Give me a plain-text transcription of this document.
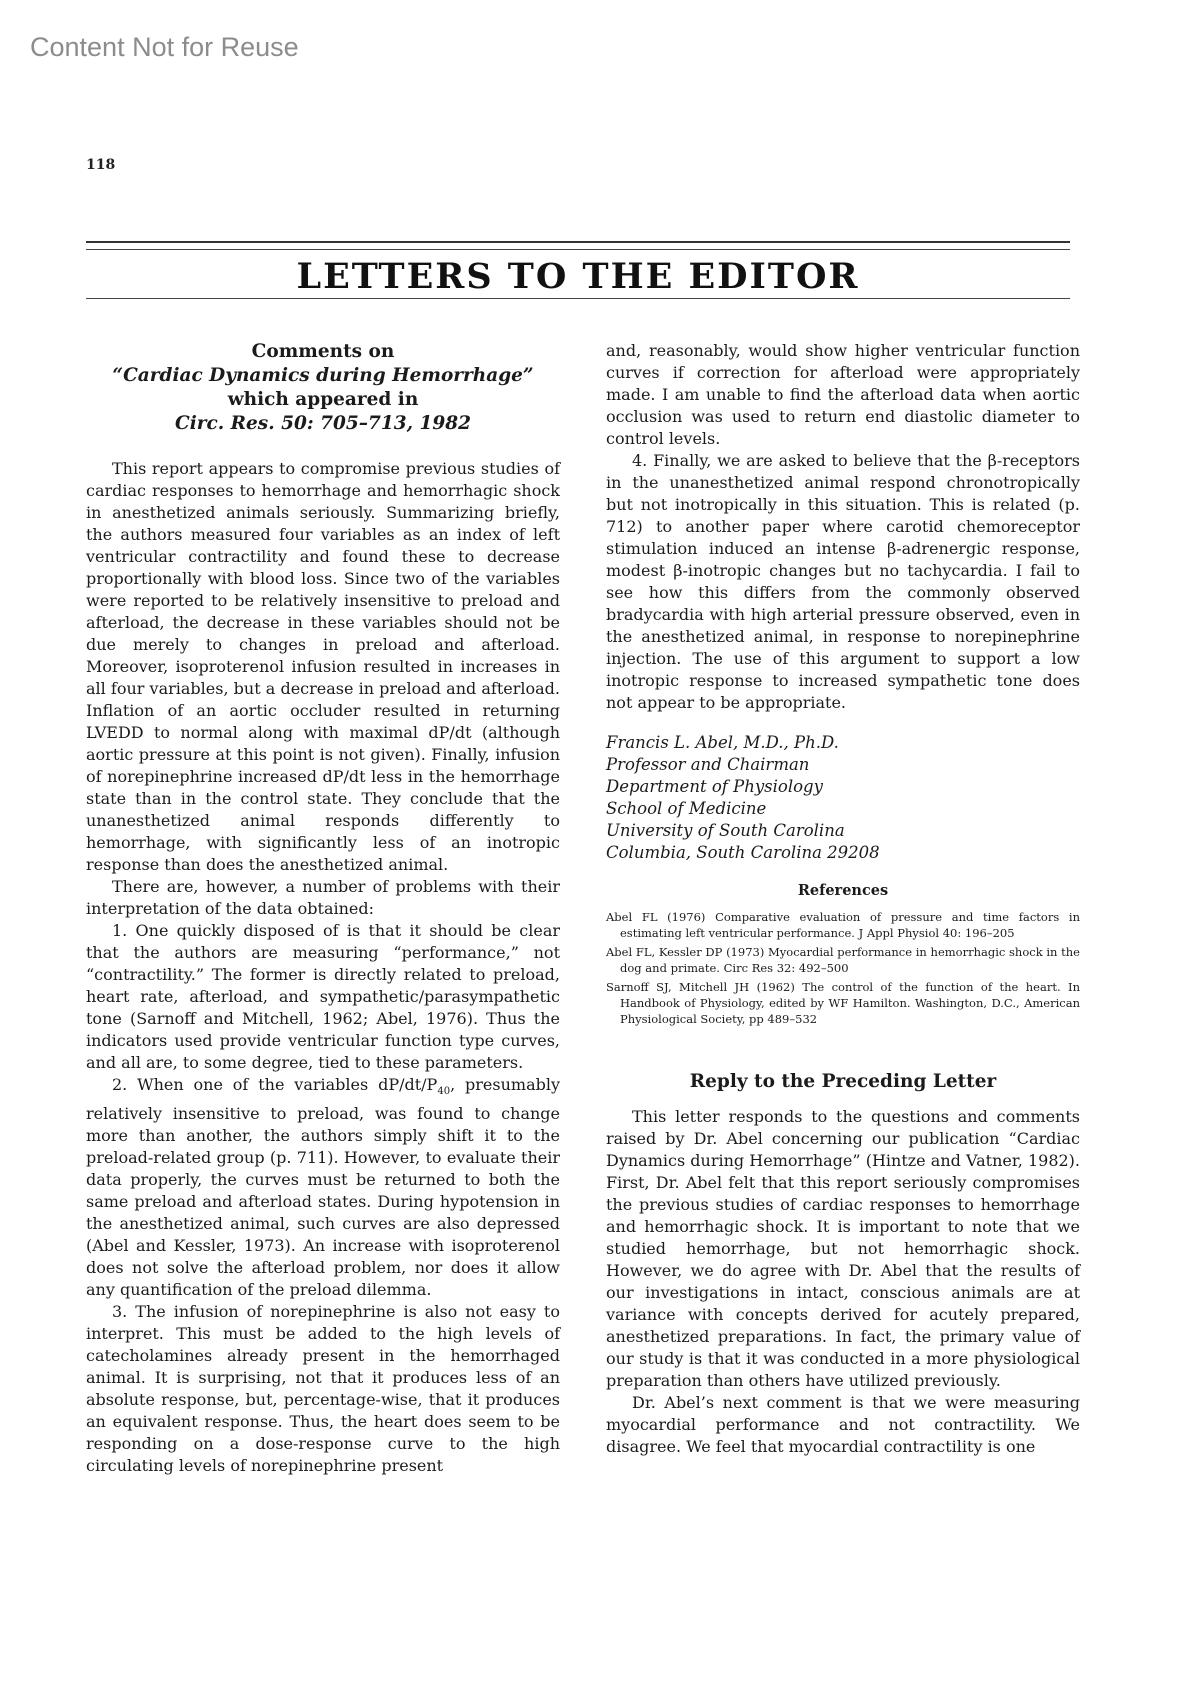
Content Not for Reuse
118
LETTERS TO THE EDITOR
Comments on
“Cardiac Dynamics during Hemorrhage”
which appeared in
Circ. Res. 50: 705–713, 1982

This report appears to compromise previous studies of cardiac responses to hemorrhage and hemorrhagic shock in anesthetized animals seriously. Summarizing briefly, the authors measured four variables as an index of left ventricular contractility and found these to decrease proportionally with blood loss. Since two of the variables were reported to be relatively insensitive to preload and afterload, the decrease in these variables should not be due merely to changes in preload and afterload. Moreover, isoproterenol infusion resulted in increases in all four variables, but a decrease in preload and afterload. Inflation of an aortic occluder resulted in returning LVEDD to normal along with maximal dP/dt (although aortic pressure at this point is not given). Finally, infusion of norepinephrine increased dP/dt less in the hemorrhage state than in the control state. They conclude that the unanesthetized animal responds differently to hemorrhage, with significantly less of an inotropic response than does the anesthetized animal.

There are, however, a number of problems with their interpretation of the data obtained:

1. One quickly disposed of is that it should be clear that the authors are measuring “performance,” not “contractility.” The former is directly related to preload, heart rate, afterload, and sympathetic/parasympathetic tone (Sarnoff and Mitchell, 1962; Abel, 1976). Thus the indicators used provide ventricular function type curves, and all are, to some degree, tied to these parameters.

2. When one of the variables $dP/dt/P_{40}$, presumably relatively insensitive to preload, was found to change more than another, the authors simply shift it to the preload-related group (p. 711). However, to evaluate their data properly, the curves must be returned to both the same preload and afterload states. During hypotension in the anesthetized animal, such curves are also depressed (Abel and Kessler, 1973). An increase with isoproterenol does not solve the afterload problem, nor does it allow any quantification of the preload dilemma.

3. The infusion of norepinephrine is also not easy to interpret. This must be added to the high levels of catecholamines already present in the hemorrhaged animal. It is surprising, not that it produces less of an absolute response, but, percentage-wise, that it produces an equivalent response. Thus, the heart does seem to be responding on a dose-response curve to the high circulating levels of norepinephrine present

and, reasonably, would show higher ventricular function curves if correction for afterload were appropriately made. I am unable to find the afterload data when aortic occlusion was used to return end diastolic diameter to control levels.

4. Finally, we are asked to believe that the β-receptors in the unanesthetized animal respond chronotropically but not inotropically in this situation. This is related (p. 712) to another paper where carotid chemoreceptor stimulation induced an intense β-adrenergic response, modest β-inotropic changes but no tachycardia. I fail to see how this differs from the commonly observed bradycardia with high arterial pressure observed, even in the anesthetized animal, in response to norepinephrine injection. The use of this argument to support a low inotropic response to increased sympathetic tone does not appear to be appropriate.

Francis L. Abel, M.D., Ph.D.
Professor and Chairman
Department of Physiology
School of Medicine
University of South Carolina
Columbia, South Carolina 29208
References

Abel FL (1976) Comparative evaluation of pressure and time factors in estimating left ventricular performance. J Appl Physiol 40: 196–205

Abel FL, Kessler DP (1973) Myocardial performance in hemorrhagic shock in the dog and primate. Circ Res 32: 492–500

Sarnoff SJ, Mitchell JH (1962) The control of the function of the heart. In Handbook of Physiology, edited by WF Hamilton. Washington, D.C., American Physiological Society, pp 489–532

Reply to the Preceding Letter

This letter responds to the questions and comments raised by Dr. Abel concerning our publication “Cardiac Dynamics during Hemorrhage” (Hintze and Vatner, 1982). First, Dr. Abel felt that this report seriously compromises the previous studies of cardiac responses to hemorrhage and hemorrhagic shock. It is important to note that we studied hemorrhage, but not hemorrhagic shock. However, we do agree with Dr. Abel that the results of our investigations in intact, conscious animals are at variance with concepts derived for acutely prepared, anesthetized preparations. In fact, the primary value of our study is that it was conducted in a more physiological preparation than others have utilized previously.

Dr. Abel’s next comment is that we were measuring myocardial performance and not contractility. We disagree. We feel that myocardial contractility is one
